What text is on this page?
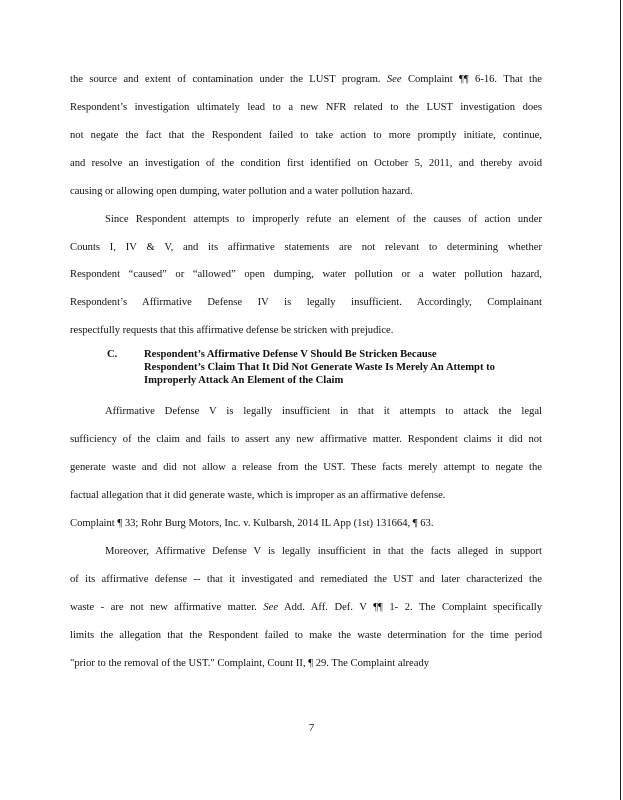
the source and extent of contamination under the LUST program. See Complaint ¶¶ 6-16. That the
Respondent’s investigation ultimately lead to a new NFR related to the LUST investigation does
not negate the fact that the Respondent failed to take action to more promptly initiate, continue,
and resolve an investigation of the condition first identified on October 5, 2011, and thereby avoid
causing or allowing open dumping, water pollution and a water pollution hazard.
Since Respondent attempts to improperly refute an element of the causes of action under
Counts I, IV & V, and its affirmative statements are not relevant to determining whether
Respondent “caused” or “allowed” open dumping, water pollution or a water pollution hazard,
Respondent’s Affirmative Defense IV is legally insufficient. Accordingly, Complainant
respectfully requests that this affirmative defense be stricken with prejudice.
C.	Respondent’s Affirmative Defense V Should Be Stricken Because
Respondent’s Claim That It Did Not Generate Waste Is Merely An Attempt to
Improperly Attack An Element of the Claim
Affirmative Defense V is legally insufficient in that it attempts to attack the legal
sufficiency of the claim and fails to assert any new affirmative matter. Respondent claims it did not
generate waste and did not allow a release from the UST. These facts merely attempt to negate the
factual allegation that it did generate waste, which is improper as an affirmative defense.
Complaint ¶ 33; Rohr Burg Motors, Inc. v. Kulbarsh, 2014 IL App (1st) 131664, ¶ 63.
Moreover, Affirmative Defense V is legally insufficient in that the facts alleged in support
of its affirmative defense -- that it investigated and remediated the UST and later characterized the
waste - are not new affirmative matter. See Add. Aff. Def. V ¶¶ 1- 2. The Complaint specifically
limits the allegation that the Respondent failed to make the waste determination for the time period
"prior to the removal of the UST." Complaint, Count II, ¶ 29. The Complaint already
7
